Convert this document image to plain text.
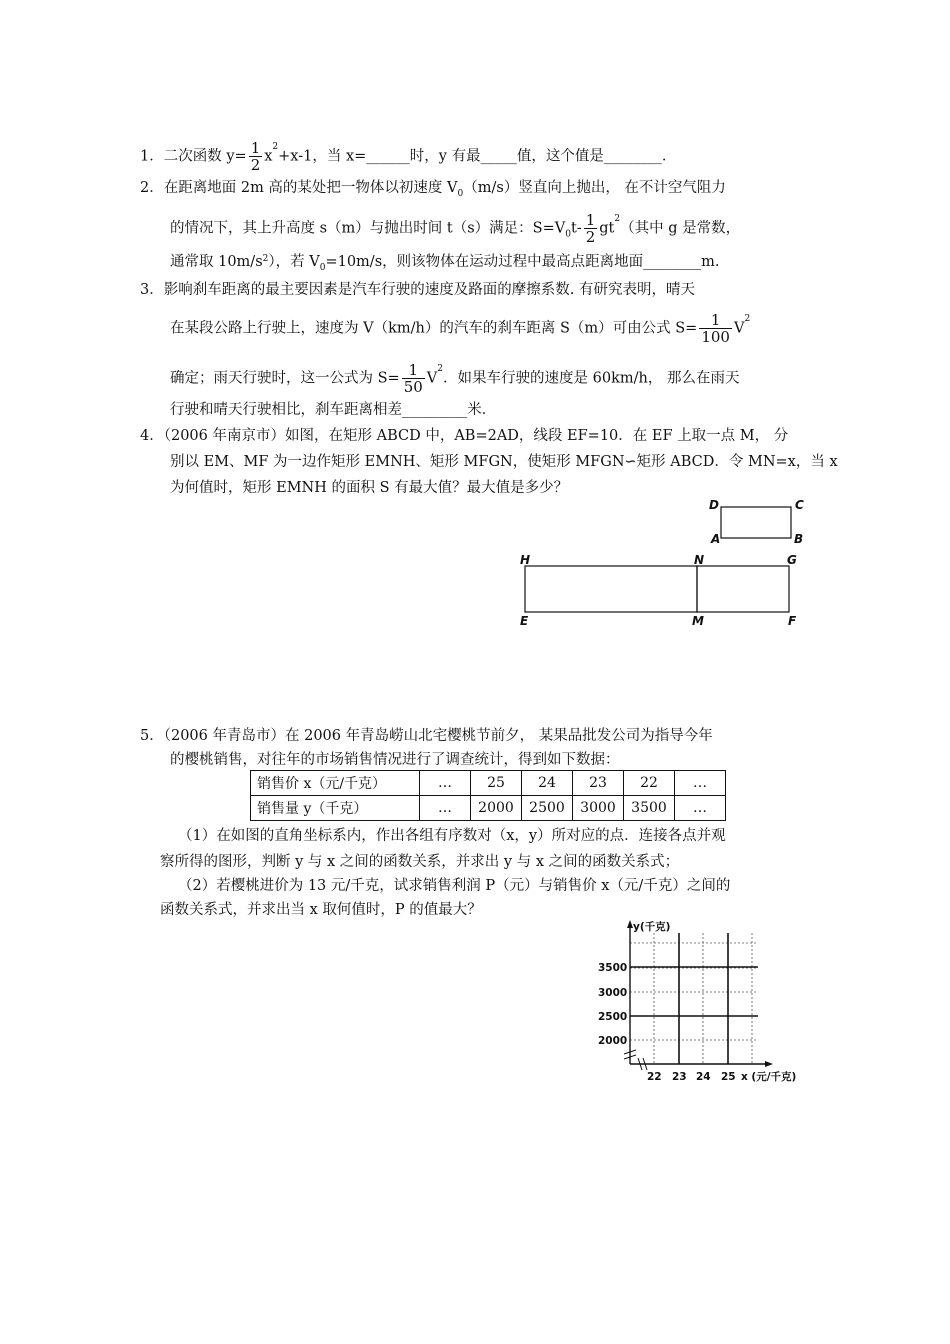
1．二次函数 $y= \frac{1}{2} x^2+x-1$，当 x=______时，y 有最_____值，这个值是________．
2．在距离地面 2m 高的某处把一物体以初速度 $V_0(m/s)$竖直向上抛出， 在不计空气阻力
的情况下，其上升高度 s（m）与抛出时间 t（s）满足：$S=V_0t- \frac{1}{2} gt^2$（其中 g 是常数，
通常取 $10m/s^2$），若 $V_0=10m/s$，则该物体在运动过程中最高点距离地面________m.
3．影响刹车距离的最主要因素是汽车行驶的速度及路面的摩擦系数. 有研究表明，晴天
在某段公路上行驶上，速度为 V（km/h）的汽车的刹车距离 S（m）可由公式 $S= \frac{1}{100} V^2$
确定；雨天行驶时，这一公式为 $S= \frac{1}{50} V^2$．如果车行驶的速度是 60km/h， 那么在雨天
行驶和晴天行驶相比，刹车距离相差_________米．
4．（2006 年南京市）如图，在矩形 ABCD 中，AB=2AD，线段 EF=10．在 EF 上取一点 M， 分
别以 EM、MF 为一边作矩形 EMNH、矩形 MFGN，使矩形 MFGN∽矩形 ABCD．令 MN=x，当 x
为何值时，矩形 EMNH 的面积 S 有最大值？最大值是多少？
D	C
A	B
H	N	G
E	M	F
5．（2006 年青岛市）在 2006 年青岛崂山北宅樱桃节前夕， 某果品批发公司为指导今年
的樱桃销售，对往年的市场销售情况进行了调查统计，得到如下数据：
销售价 x（元/千克）	…	25	24	23	22	…
销售量 y（千克）	…	2000	2500	3000	3500	…
（1）在如图的直角坐标系内，作出各组有序数对（x，y）所对应的点．连接各点并观
察所得的图形，判断 y 与 x 之间的函数关系，并求出 y 与 x 之间的函数关系式；
（2）若樱桃进价为 13 元/千克，试求销售利润 P（元）与销售价 x（元/千克）之间的
函数关系式，并求出当 x 取何值时，P 的值最大？
y(千克)
3500
3000
2500
2000
22 23 24 25 x (元/千克)
